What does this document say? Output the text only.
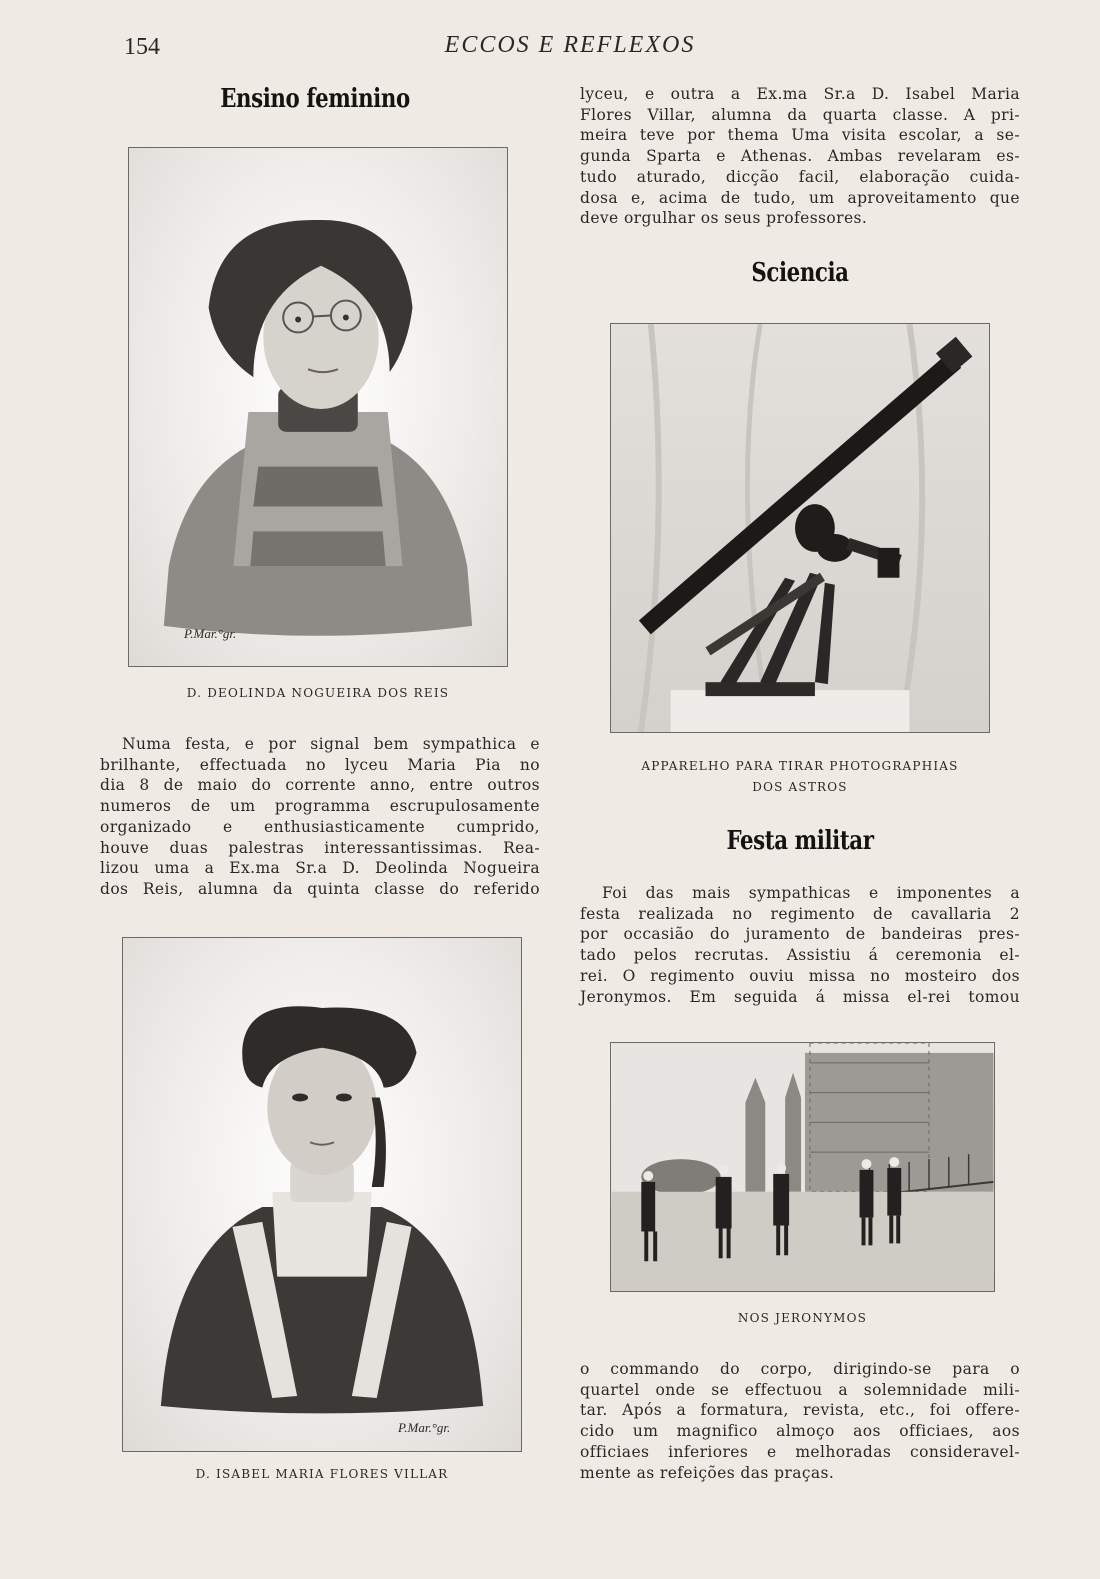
154	ECCOS E REFLEXOS
Ensino feminino
P.Mar.°gr.
D. DEOLINDA NOGUEIRA DOS REIS

Numa festa, e por signal bem sympathica e

brilhante, effectuada no lyceu Maria Pia no

dia 8 de maio do corrente anno, entre outros

numeros de um programma escrupulosamente

organizado e enthusiasticamente cumprido,

houve duas palestras interessantissimas. Rea-

lizou uma a Ex.ma Sr.a D. Deolinda Nogueira

dos Reis, alumna da quinta classe do referido

P.Mar.°gr.
D. ISABEL MARIA FLORES VILLAR

lyceu, e outra a Ex.ma Sr.a D. Isabel Maria

Flores Villar, alumna da quarta classe. A pri-

meira teve por thema Uma visita escolar, a se-

gunda Sparta e Athenas. Ambas revelaram es-

tudo aturado, dicção facil, elaboração cuida-

dosa e, acima de tudo, um aproveitamento que

deve orgulhar os seus professores.

Sciencia
APPARELHO PARA TIRAR PHOTOGRAPHIAS
DOS ASTROS
Festa militar

Foi das mais sympathicas e imponentes a

festa realizada no regimento de cavallaria 2

por occasião do juramento de bandeiras pres-

tado pelos recrutas. Assistiu á ceremonia el-

rei. O regimento ouviu missa no mosteiro dos

Jeronymos. Em seguida á missa el-rei tomou

NOS JERONYMOS

o commando do corpo, dirigindo-se para o

quartel onde se effectuou a solemnidade mili-

tar. Após a formatura, revista, etc., foi offere-

cido um magnifico almoço aos officiaes, aos

officiaes inferiores e melhoradas consideravel-

mente as refeições das praças.
